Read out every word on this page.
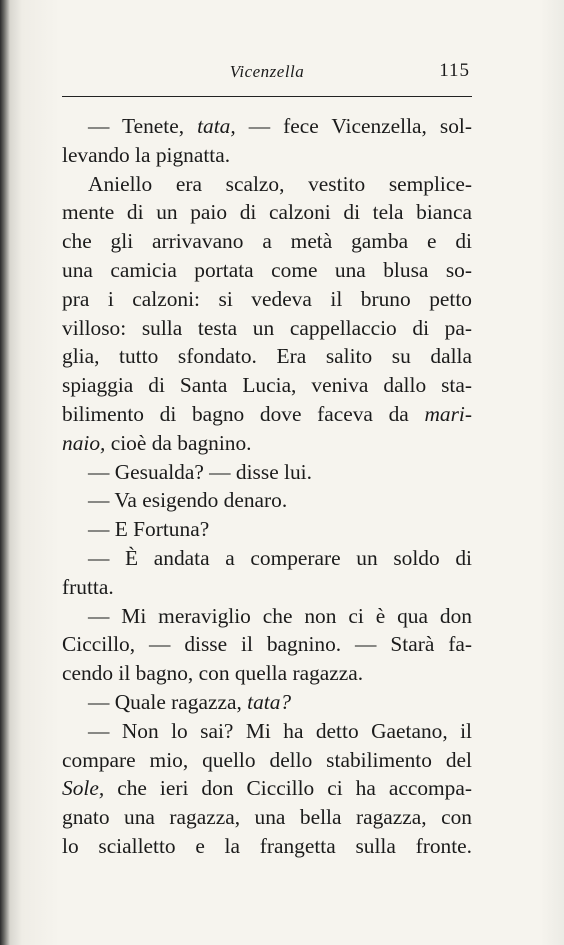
Vicenzella	115
— Tenete, tata, — fece Vicenzella, sol-
levando la pignatta.
Aniello era scalzo, vestito semplice-
mente di un paio di calzoni di tela bianca
che gli arrivavano a metà gamba e di
una camicia portata come una blusa so-
pra i calzoni: si vedeva il bruno petto
villoso: sulla testa un cappellaccio di pa-
glia, tutto sfondato. Era salito su dalla
spiaggia di Santa Lucia, veniva dallo sta-
bilimento di bagno dove faceva da mari-
naio, cioè da bagnino.
— Gesualda? — disse lui.
— Va esigendo denaro.
— E Fortuna?
— È andata a comperare un soldo di
frutta.
— Mi meraviglio che non ci è qua don
Ciccillo, — disse il bagnino. — Starà fa-
cendo il bagno, con quella ragazza.
— Quale ragazza, tata?
— Non lo sai? Mi ha detto Gaetano, il
compare mio, quello dello stabilimento del
Sole, che ieri don Ciccillo ci ha accompa-
gnato una ragazza, una bella ragazza, con
lo scialletto e la frangetta sulla fronte.
